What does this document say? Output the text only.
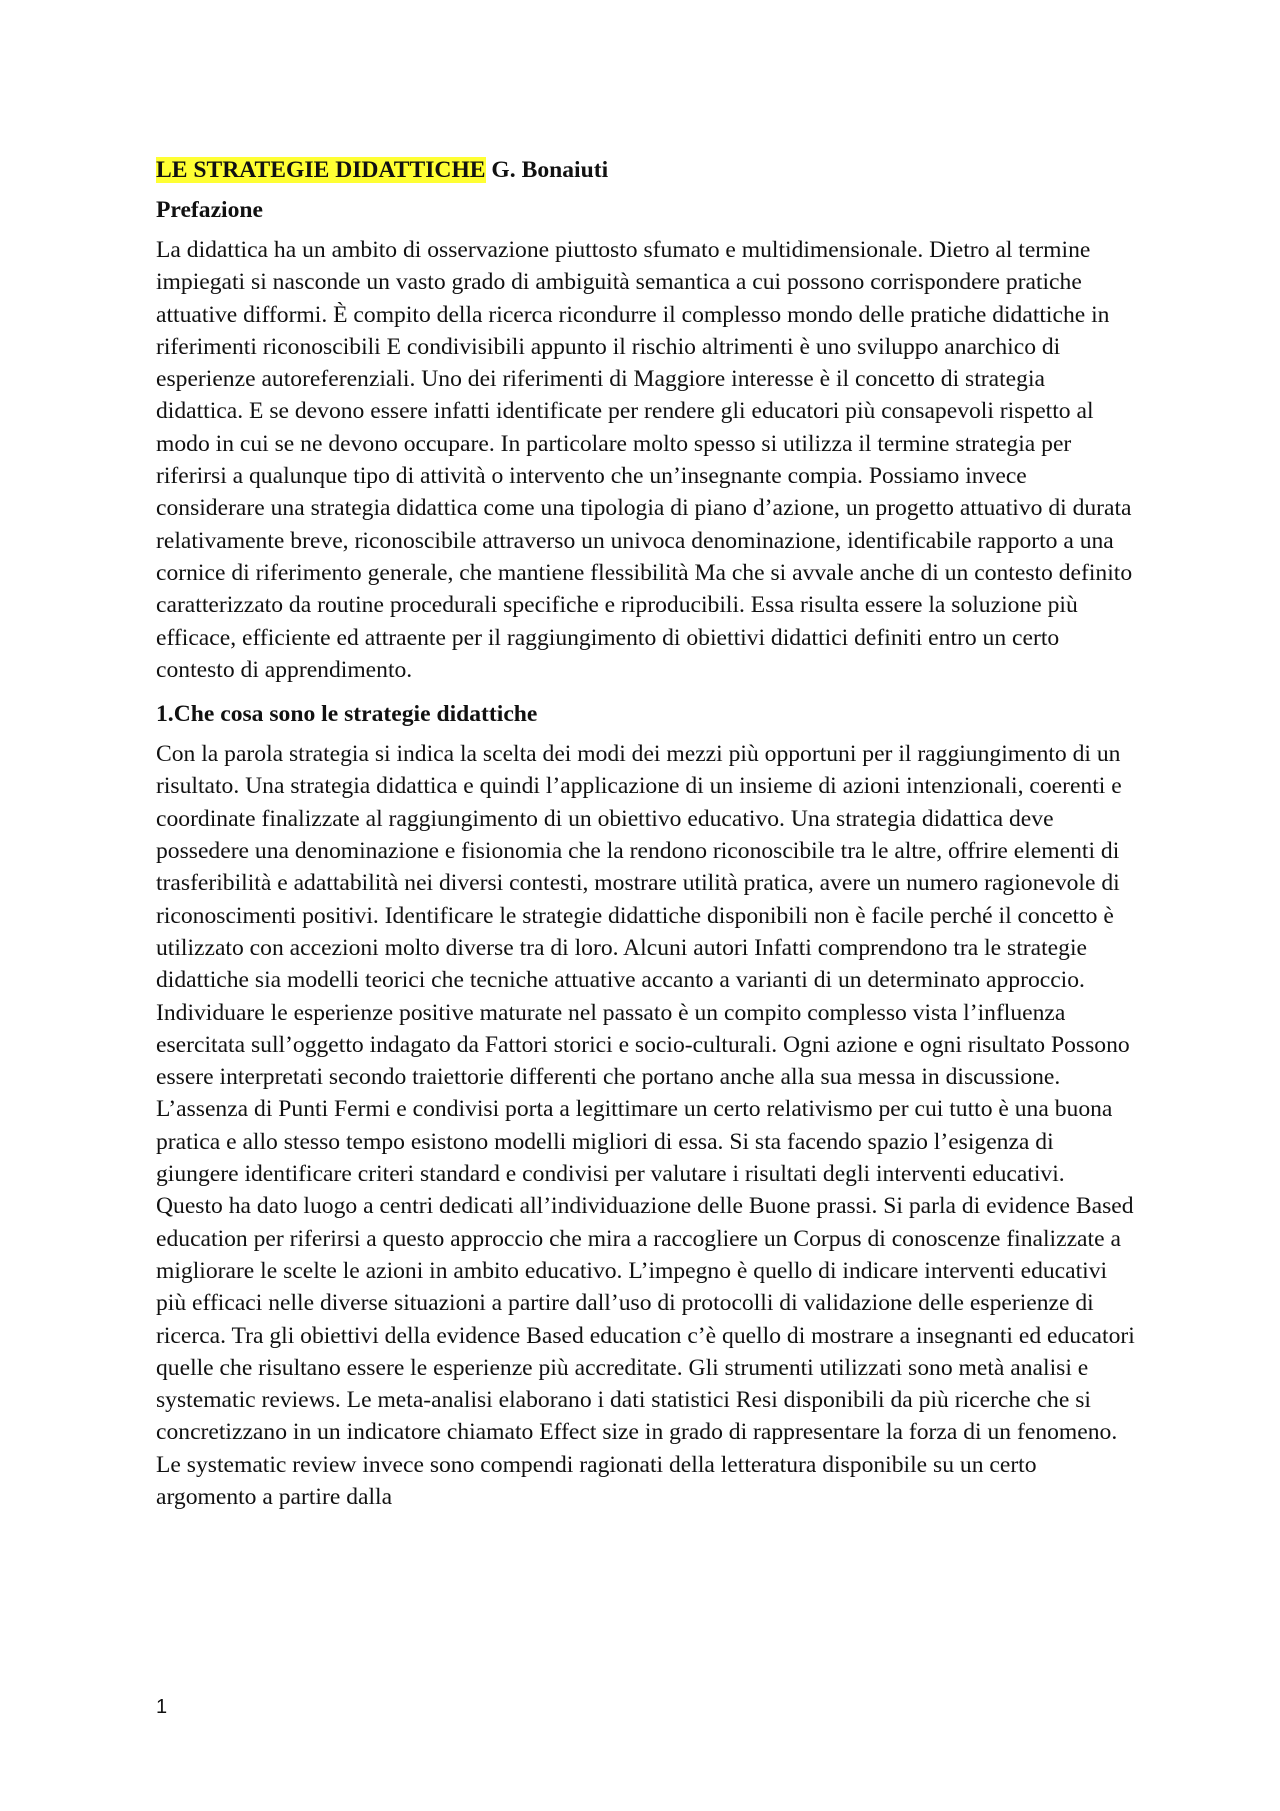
LE STRATEGIE DIDATTICHE G. Bonaiuti

Prefazione

La didattica ha un ambito di osservazione piuttosto sfumato e multidimensionale. Dietro al termine impiegati si nasconde un vasto grado di ambiguità semantica a cui possono corrispondere pratiche attuative difformi. È compito della ricerca ricondurre il complesso mondo delle pratiche didattiche in riferimenti riconoscibili E condivisibili appunto il rischio altrimenti è uno sviluppo anarchico di esperienze autoreferenziali. Uno dei riferimenti di Maggiore interesse è il concetto di strategia didattica. E se devono essere infatti identificate per rendere gli educatori più consapevoli rispetto al modo in cui se ne devono occupare. In particolare molto spesso si utilizza il termine strategia per riferirsi a qualunque tipo di attività o intervento che un’insegnante compia. Possiamo invece considerare una strategia didattica come una tipologia di piano d’azione, un progetto attuativo di durata relativamente breve, riconoscibile attraverso un univoca denominazione, identificabile rapporto a una cornice di riferimento generale, che mantiene flessibilità Ma che si avvale anche di un contesto definito caratterizzato da routine procedurali specifiche e riproducibili. Essa risulta essere la soluzione più efficace, efficiente ed attraente per il raggiungimento di obiettivi didattici definiti entro un certo contesto di apprendimento.

1.Che cosa sono le strategie didattiche

Con la parola strategia si indica la scelta dei modi dei mezzi più opportuni per il raggiungimento di un risultato. Una strategia didattica e quindi l’applicazione di un insieme di azioni intenzionali, coerenti e coordinate finalizzate al raggiungimento di un obiettivo educativo. Una strategia didattica deve possedere una denominazione e fisionomia che la rendono riconoscibile tra le altre, offrire elementi di trasferibilità e adattabilità nei diversi contesti, mostrare utilità pratica, avere un numero ragionevole di riconoscimenti positivi. Identificare le strategie didattiche disponibili non è facile perché il concetto è utilizzato con accezioni molto diverse tra di loro. Alcuni autori Infatti comprendono tra le strategie didattiche sia modelli teorici che tecniche attuative accanto a varianti di un determinato approccio. Individuare le esperienze positive maturate nel passato è un compito complesso vista l’influenza esercitata sull’oggetto indagato da Fattori storici e socio-culturali. Ogni azione e ogni risultato Possono essere interpretati secondo traiettorie differenti che portano anche alla sua messa in discussione. L’assenza di Punti Fermi e condivisi porta a legittimare un certo relativismo per cui tutto è una buona pratica e allo stesso tempo esistono modelli migliori di essa. Si sta facendo spazio l’esigenza di giungere identificare criteri standard e condivisi per valutare i risultati degli interventi educativi. Questo ha dato luogo a centri dedicati all’individuazione delle Buone prassi. Si parla di evidence Based education per riferirsi a questo approccio che mira a raccogliere un Corpus di conoscenze finalizzate a migliorare le scelte le azioni in ambito educativo. L’impegno è quello di indicare interventi educativi più efficaci nelle diverse situazioni a partire dall’uso di protocolli di validazione delle esperienze di ricerca. Tra gli obiettivi della evidence Based education c’è quello di mostrare a insegnanti ed educatori quelle che risultano essere le esperienze più accreditate. Gli strumenti utilizzati sono metà analisi e systematic reviews. Le meta-analisi elaborano i dati statistici Resi disponibili da più ricerche che si concretizzano in un indicatore chiamato Effect size in grado di rappresentare la forza di un fenomeno. Le systematic review invece sono compendi ragionati della letteratura disponibile su un certo argomento a partire dalla

1
